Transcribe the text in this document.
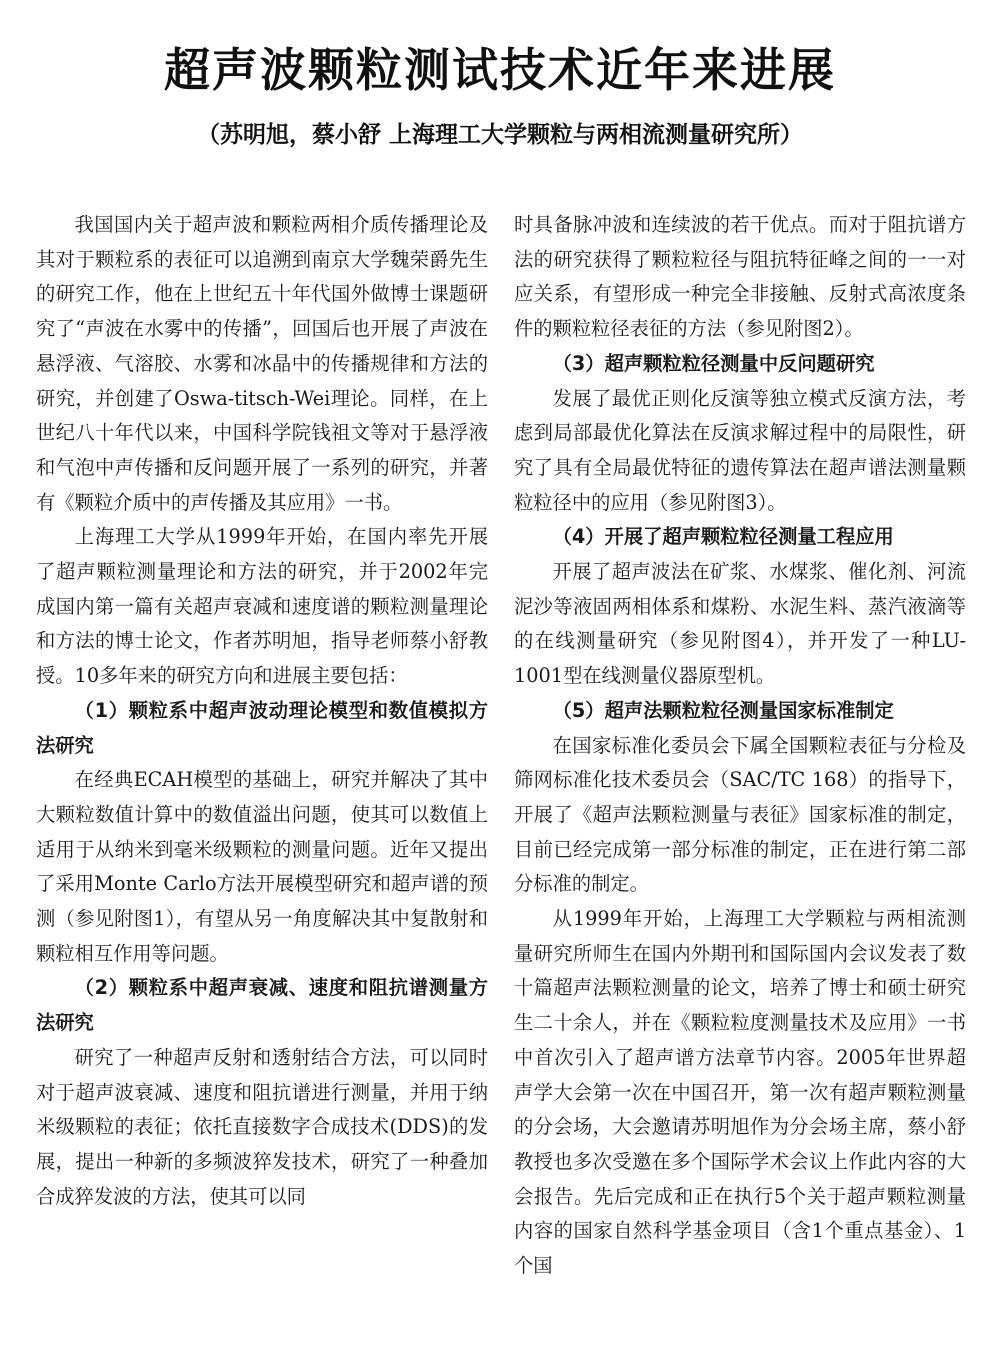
超声波颗粒测试技术近年来进展
（苏明旭，蔡小舒 上海理工大学颗粒与两相流测量研究所）

我国国内关于超声波和颗粒两相介质传播理论及其对于颗粒系的表征可以追溯到南京大学魏荣爵先生的研究工作，他在上世纪五十年代国外做博士课题研究了“声波在水雾中的传播”，回国后也开展了声波在悬浮液、气溶胶、水雾和冰晶中的传播规律和方法的研究，并创建了Oswa-titsch-Wei理论。同样，在上世纪八十年代以来，中国科学院钱祖文等对于悬浮液和气泡中声传播和反问题开展了一系列的研究，并著有《颗粒介质中的声传播及其应用》一书。

上海理工大学从1999年开始，在国内率先开展了超声颗粒测量理论和方法的研究，并于2002年完成国内第一篇有关超声衰减和速度谱的颗粒测量理论和方法的博士论文，作者苏明旭，指导老师蔡小舒教授。10多年来的研究方向和进展主要包括：

（1）颗粒系中超声波动理论模型和数值模拟方法研究

在经典ECAH模型的基础上，研究并解决了其中大颗粒数值计算中的数值溢出问题，使其可以数值上适用于从纳米到毫米级颗粒的测量问题。近年又提出了采用Monte Carlo方法开展模型研究和超声谱的预测（参见附图1），有望从另一角度解决其中复散射和颗粒相互作用等问题。

（2）颗粒系中超声衰减、速度和阻抗谱测量方法研究

研究了一种超声反射和透射结合方法，可以同时对于超声波衰减、速度和阻抗谱进行测量，并用于纳米级颗粒的表征；依托直接数字合成技术(DDS)的发展，提出一种新的多频波猝发技术，研究了一种叠加合成猝发波的方法，使其可以同

时具备脉冲波和连续波的若干优点。而对于阻抗谱方法的研究获得了颗粒粒径与阻抗特征峰之间的一一对应关系，有望形成一种完全非接触、反射式高浓度条件的颗粒粒径表征的方法（参见附图2）。

（3）超声颗粒粒径测量中反问题研究

发展了最优正则化反演等独立模式反演方法，考虑到局部最优化算法在反演求解过程中的局限性，研究了具有全局最优特征的遗传算法在超声谱法测量颗粒粒径中的应用（参见附图3）。

（4）开展了超声颗粒粒径测量工程应用

开展了超声波法在矿浆、水煤浆、催化剂、河流泥沙等液固两相体系和煤粉、水泥生料、蒸汽液滴等的在线测量研究（参见附图4），并开发了一种LU-1001型在线测量仪器原型机。

（5）超声法颗粒粒径测量国家标准制定

在国家标准化委员会下属全国颗粒表征与分检及筛网标准化技术委员会（SAC/TC 168）的指导下，开展了《超声法颗粒测量与表征》国家标准的制定，目前已经完成第一部分标准的制定，正在进行第二部分标准的制定。

从1999年开始，上海理工大学颗粒与两相流测量研究所师生在国内外期刊和国际国内会议发表了数十篇超声法颗粒测量的论文，培养了博士和硕士研究生二十余人，并在《颗粒粒度测量技术及应用》一书中首次引入了超声谱方法章节内容。2005年世界超声学大会第一次在中国召开，第一次有超声颗粒测量的分会场，大会邀请苏明旭作为分会场主席，蔡小舒教授也多次受邀在多个国际学术会议上作此内容的大会报告。先后完成和正在执行5个关于超声颗粒测量内容的国家自然科学基金项目（含1个重点基金）、1个国
